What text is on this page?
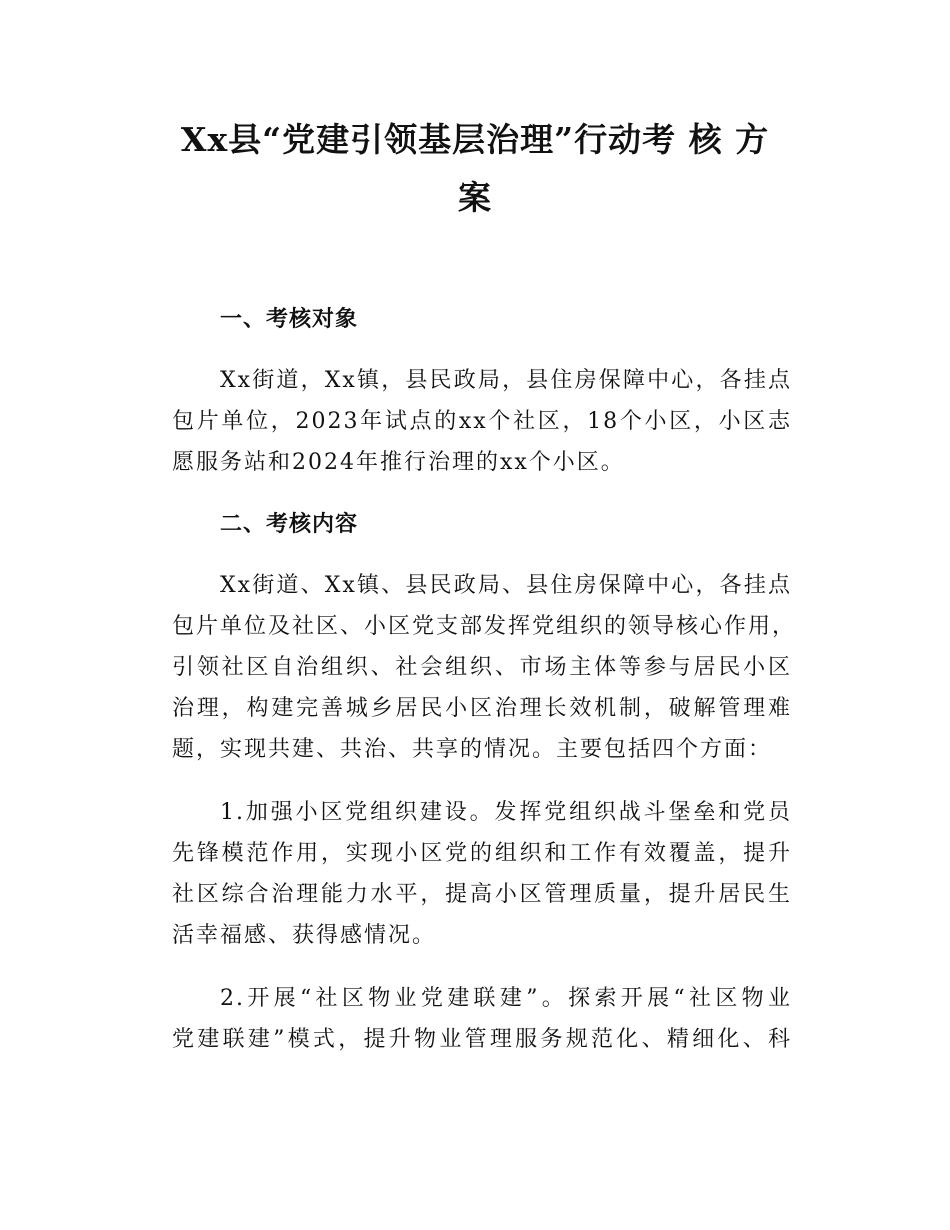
Xx县“党建引领基层治理”行动考 核 方
案
一、考核对象
Xx街道，Xx镇，县民政局，县住房保障中心，各挂点
包片单位，2023年试点的xx个社区，18个小区，小区志
愿服务站和2024年推行治理的xx个小区。
二、考核内容
Xx街道、Xx镇、县民政局、县住房保障中心，各挂点
包片单位及社区、小区党支部发挥党组织的领导核心作用，
引领社区自治组织、社会组织、市场主体等参与居民小区
治理，构建完善城乡居民小区治理长效机制，破解管理难
题，实现共建、共治、共享的情况。主要包括四个方面：
1.加强小区党组织建设。发挥党组织战斗堡垒和党员
先锋模范作用，实现小区党的组织和工作有效覆盖，提升
社区综合治理能力水平，提高小区管理质量，提升居民生
活幸福感、获得感情况。
2.开展“社区物业党建联建”。探索开展“社区物业
党建联建”模式，提升物业管理服务规范化、精细化、科
